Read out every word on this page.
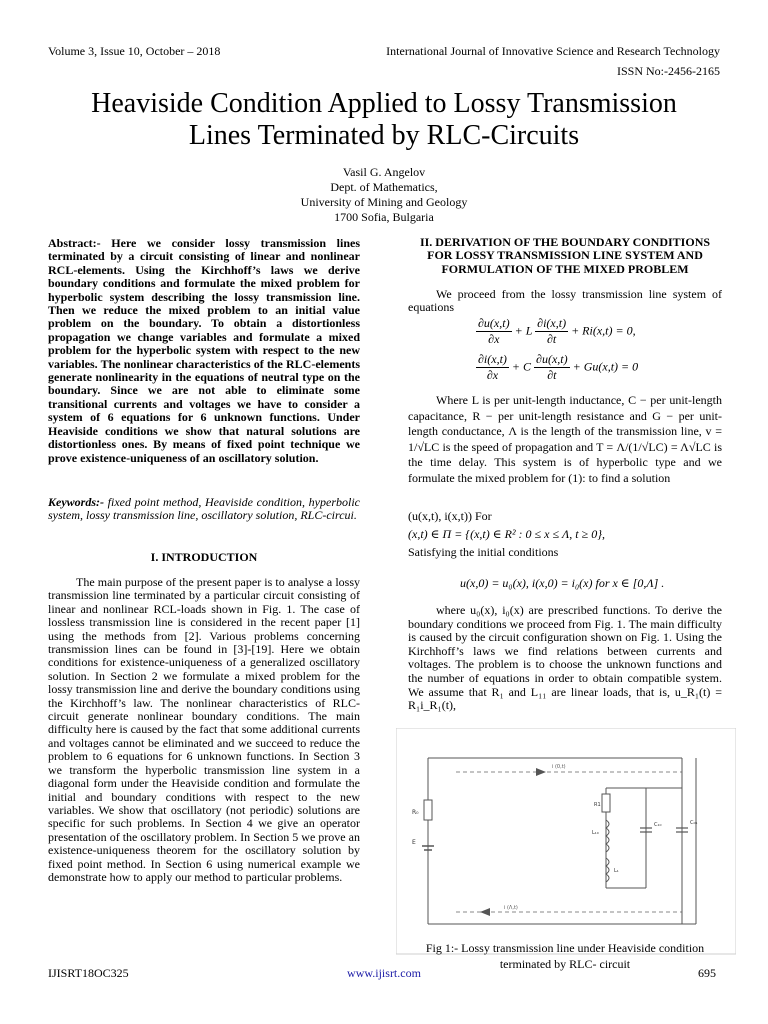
Volume 3, Issue 10, October – 2018	International Journal of Innovative Science and Research Technology
ISSN No:-2456-2165
Heaviside Condition Applied to Lossy Transmission
Lines Terminated by RLC-Circuits
Vasil G. Angelov
Dept. of Mathematics,
University of Mining and Geology
1700 Sofia, Bulgaria
Abstract:- Here we consider lossy transmission lines terminated by a circuit consisting of linear and nonlinear RCL-elements. Using the Kirchhoff’s laws we derive boundary conditions and formulate the mixed problem for hyperbolic system describing the lossy transmission line. Then we reduce the mixed problem to an initial value problem on the boundary. To obtain a distortionless propagation we change variables and formulate a mixed problem for the hyperbolic system with respect to the new variables. The nonlinear characteristics of the RLC-elements generate nonlinearity in the equations of neutral type on the boundary. Since we are not able to eliminate some transitional currents and voltages we have to consider a system of 6 equations for 6 unknown functions. Under Heaviside conditions we show that natural solutions are distortionless ones. By means of fixed point technique we prove existence-uniqueness of an oscillatory solution.
Keywords:- fixed point method, Heaviside condition, hyperbolic system, lossy transmission line, oscillatory solution, RLC-circui.
I. INTRODUCTION

The main purpose of the present paper is to analyse a lossy transmission line terminated by a particular circuit consisting of linear and nonlinear RCL-loads shown in Fig. 1. The case of lossless transmission line is considered in the recent paper [1] using the methods from [2]. Various problems concerning transmission lines can be found in [3]-[19]. Here we obtain conditions for existence-uniqueness of a generalized oscillatory solution. In Section 2 we formulate a mixed problem for the lossy transmission line and derive the boundary conditions using the Kirchhoff’s law. The nonlinear characteristics of RLC- circuit generate nonlinear boundary conditions. The main difficulty here is caused by the fact that some additional currents and voltages cannot be eliminated and we succeed to reduce the problem to 6 equations for 6 unknown functions. In Section 3 we transform the hyperbolic transmission line system in a diagonal form under the Heaviside condition and formulate the initial and boundary conditions with respect to the new variables. We show that oscillatory (not periodic) solutions are specific for such problems. In Section 4 we give an operator presentation of the oscillatory problem. In Section 5 we prove an existence-uniqueness theorem for the oscillatory solution by fixed point method. In Section 6 using numerical example we demonstrate how to apply our method to particular problems.

II. DERIVATION OF THE BOUNDARY CONDITIONS
FOR LOSSY TRANSMISSION LINE SYSTEM AND
FORMULATION OF THE MIXED PROBLEM

We proceed from the lossy transmission line system of equations

$\frac{\partial u(x,t)}{\partial x} + L \frac{\partial i(x,t)}{\partial t} + Ri(x,t) = 0$,
$\frac{\partial i(x,t)}{\partial x} + C \frac{\partial u(x,t)}{\partial t} + Gu(x,t) = 0$

Where L is per unit-length inductance, C − per unit-length capacitance, R − per unit-length resistance and G − per unit-length conductance, Λ is the length of the transmission line, v = 1/√LC is the speed of propagation and T = Λ/(1/√LC) = Λ√LC is the time delay. This system is of hyperbolic type and we formulate the mixed problem for (1): to find a solution

(u(x,t), i(x,t)) For
(x,t) ∈ Π = {(x,t) ∈ R² : 0 ≤ x ≤ Λ, t ≥ 0},
Satisfying the initial conditions
u(x,0) = u₀(x), i(x,0) = i₀(x) for x ∈ [0,Λ] .

where u₀(x), i₀(x) are prescribed functions. To derive the boundary conditions we proceed from Fig. 1. The main difficulty is caused by the circuit configuration shown on Fig. 1. Using the Kirchhoff’s laws we find relations between currents and voltages. The problem is to choose the unknown functions and the number of equations in order to obtain compatible system. We assume that R₁ and L₁₁ are linear loads, that is, u_R₁(t) = R₁i_R₁(t),

i (0,t)
i (Λ,t)
R₀
E
R1
L₁₀
C₁₀	C₀₁
L₁
Fig 1:- Lossy transmission line under Heaviside condition
terminated by RLC- circuit
IJISRT18OC325	www.ijisrt.com	695
